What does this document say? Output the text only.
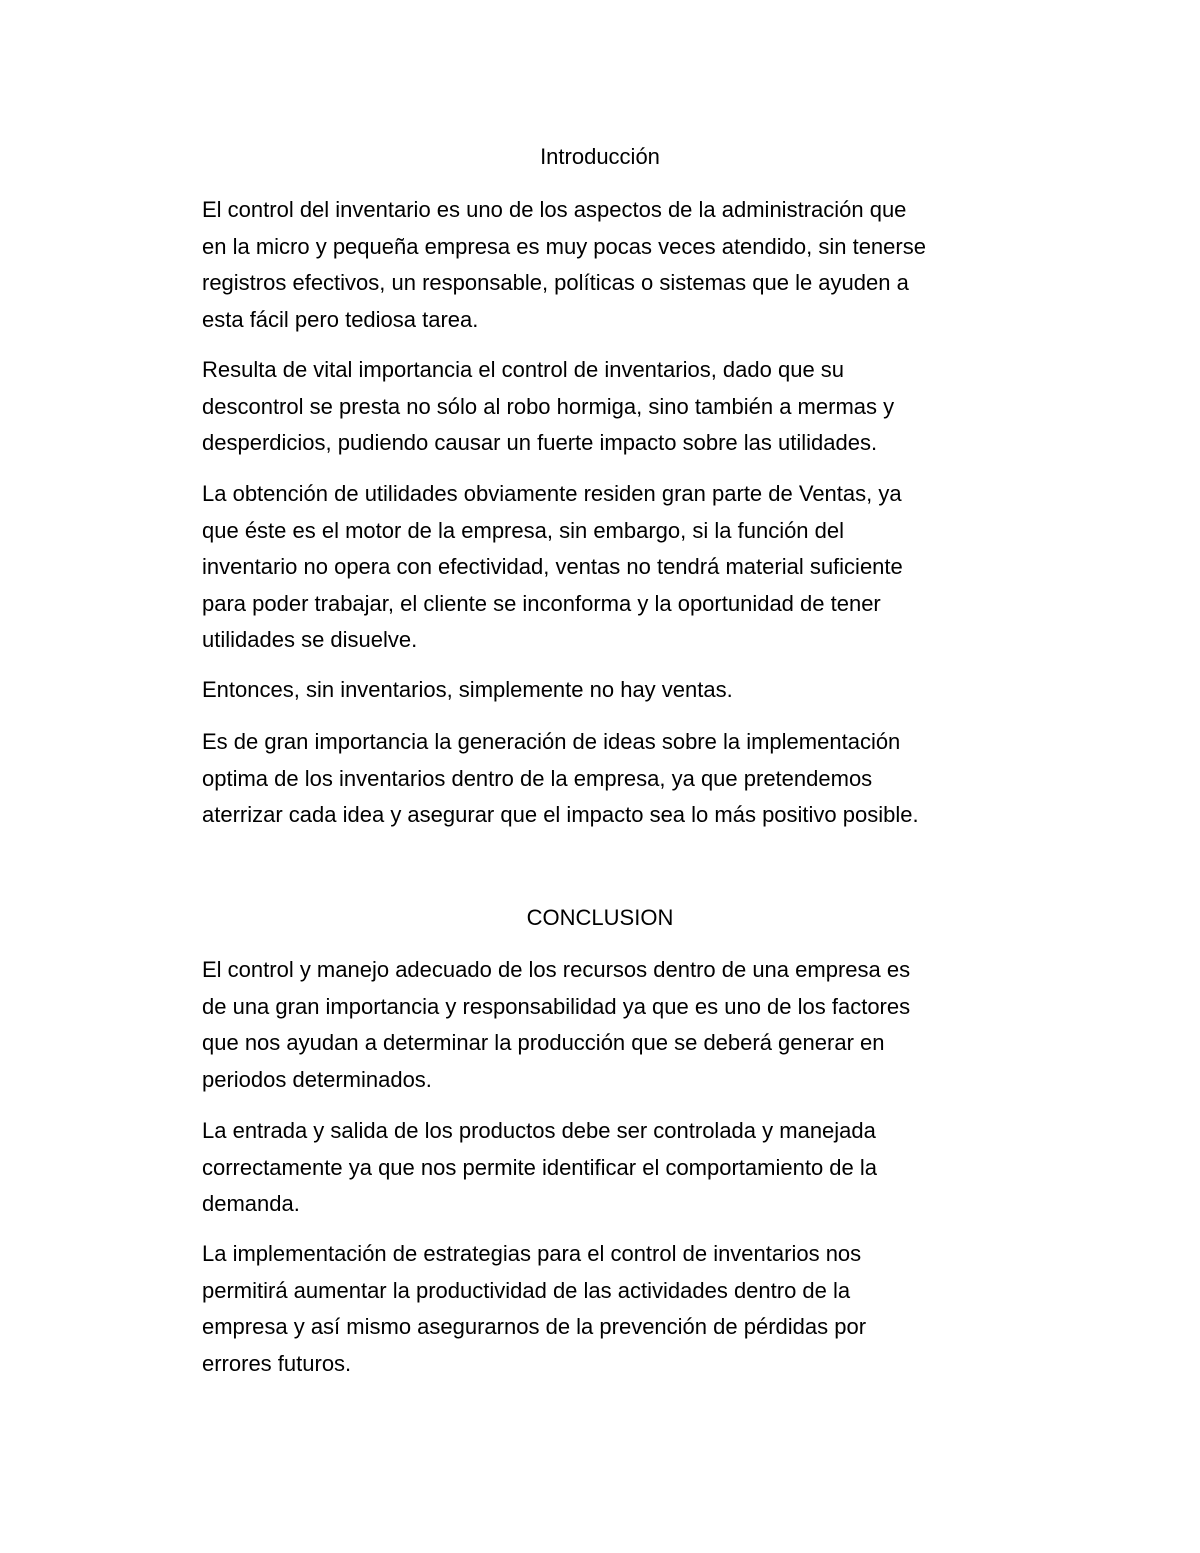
Introducción

El control del inventario es uno de los aspectos de la administración que
en la micro y pequeña empresa es muy pocas veces atendido, sin tenerse
registros efectivos, un responsable, políticas o sistemas que le ayuden a
esta fácil pero tediosa tarea.

Resulta de vital importancia el control de inventarios, dado que su
descontrol se presta no sólo al robo hormiga, sino también a mermas y
desperdicios, pudiendo causar un fuerte impacto sobre las utilidades.

La obtención de utilidades obviamente residen gran parte de Ventas, ya
que éste es el motor de la empresa, sin embargo, si la función del
inventario no opera con efectividad, ventas no tendrá material suficiente
para poder trabajar, el cliente se inconforma y la oportunidad de tener
utilidades se disuelve.

Entonces, sin inventarios, simplemente no hay ventas.

Es de gran importancia la generación de ideas sobre la implementación
optima de los inventarios dentro de la empresa, ya que pretendemos
aterrizar cada idea y asegurar que el impacto sea lo más positivo posible.

CONCLUSION

El control y manejo adecuado de los recursos dentro de una empresa es
de una gran importancia y responsabilidad ya que es uno de los factores
que nos ayudan a determinar la producción que se deberá generar en
periodos determinados.

La entrada y salida de los productos debe ser controlada y manejada
correctamente ya que nos permite identificar el comportamiento de la
demanda.

La implementación de estrategias para el control de inventarios nos
permitirá aumentar la productividad de las actividades dentro de la
empresa y así mismo asegurarnos de la prevención de pérdidas por
errores futuros.
